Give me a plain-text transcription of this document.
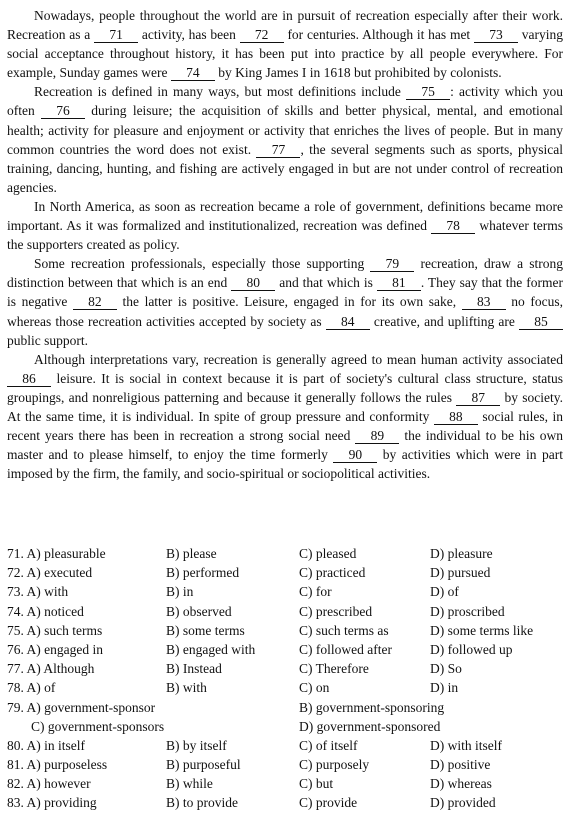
Nowadays, people throughout the world are in pursuit of recreation especially after their work. Recreation as a 71 activity, has been 72 for centuries. Although it has met 73 varying social acceptance throughout history, it has been put into practice by all people everywhere. For example, Sunday games were 74 by King James I in 1618 but prohibited by colonists.

Recreation is defined in many ways, but most definitions include 75 : activity which you often 76 during leisure; the acquisition of skills and better physical, mental, and emotional health; activity for pleasure and enjoyment or activity that enriches the lives of people. But in many common countries the word does not exist. 77 , the several segments such as sports, physical training, dancing, hunting, and fishing are actively engaged in but are not under control of recreation agencies.

In North America, as soon as recreation became a role of government, definitions became more important. As it was formalized and institutionalized, recreation was defined 78 whatever terms the supporters created as policy.

Some recreation professionals, especially those supporting 79 recreation, draw a strong distinction between that which is an end 80 and that which is 81 . They say that the former is negative 82 the latter is positive. Leisure, engaged in for its own sake, 83 no focus, whereas those recreation activities accepted by society as 84 creative, and uplifting are 85 public support.

Although interpretations vary, recreation is generally agreed to mean human activity associated 86 leisure. It is social in context because it is part of society's cultural class structure, status groupings, and nonreligious patterning and because it generally follows the rules 87 by society. At the same time, it is individual. In spite of group pressure and conformity 88 social rules, in recent years there has been in recreation a strong social need 89 the individual to be his own master and to please himself, to enjoy the time formerly 90 by activities which were in part imposed by the firm, the family, and socio-spiritual or sociopolitical activities.

71. A) pleasurable	B) please	C) pleased	D) pleasure
72. A) executed	B) performed	C) practiced	D) pursued
73. A) with	B) in	C) for	D) of
74. A) noticed	B) observed	C) prescribed	D) proscribed
75. A) such terms	B) some terms	C) such terms as	D) some terms like
76. A) engaged in	B) engaged with	C) followed after	D) followed up
77. A) Although	B) Instead	C) Therefore	D) So
78. A) of	B) with	C) on	D) in
79. A) government-sponsor	B) government-sponsoring
C) government-sponsors	D) government-sponsored
80. A) in itself	B) by itself	C) of itself	D) with itself
81. A) purposeless	B) purposeful	C) purposely	D) positive
82. A) however	B) while	C) but	D) whereas
83. A) providing	B) to provide	C) provide	D) provided
